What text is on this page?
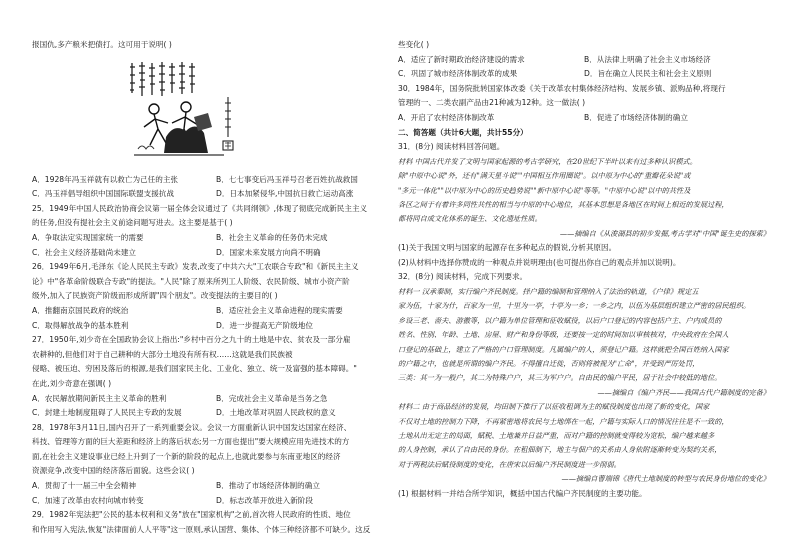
报国仇,多产粮米把债打。这可用于说明( )
A．1928年冯玉祥就有以救亡为己任的主张	B．七七事变后冯玉祥号召老百姓抗战救国
C．冯玉祥倡导组织中国国际联盟支援抗战	D．日本加紧侵华,中国抗日救亡运动高涨
25．1949年中国人民政治协商会议第一届全体会议通过了《共同纲领》,体现了彻底完成新民主主义
的任务,但没有提社会主义前途问题写进去。这主要是基于( )
A．争取法定实现国家统一的需要	B．社会主义革命的任务仍未完成
C．社会主义经济基础尚未建立	D．国家未来发展方向尚不明确
26．1949年6月,毛泽东《论人民民主专政》发表,改变了中共六大"工农联合专政"和《新民主主义
论》中"各革命阶级联合专政"的提法。"人民"除了原来所列工人阶级、农民阶级、城市小资产阶
级外,加入了民族资产阶级而形成所谓"四个朋友"。改变提法的主要目的( )
A．推翻南京国民政府的统治	B．适应社会主义革命进程的现实需要
C．取得解放战争的基本胜利	D．进一步提高无产阶级地位
27．1950年,刘少奇在全国政协会议上指出:"乡村中百分之九十的土地是中农、贫农及一部分雇
农耕种的,但他们对于自己耕种的大部分土地没有所有权……这就是我们民族被
侵略、被压迫、穷困及落后的根源,是我们国家民主化、工业化、独立、统一及富强的基本障碍。"
在此,刘少奇意在强调( )
A．农民解放期间新民主主义革命的胜利	B．完成社会主义革命是当务之急
C．封建土地制度阻碍了人民民主专政的发展	D．土地改革对巩固人民政权的意义
28．1978年3月11日,国内召开了一系列重要会议。会议一方面重新认识中国发达国家在经济、
科技、管理等方面的巨大差距和经济上的落后状态;另一方面也提出"要大规模应用先进技术的方
面,在社会主义建设事业已经上升到了一个新的阶段的起点上,也就此要参与东南亚地区的经济
资源竞争,改变中国的经济落后面貌。这些会议( )
A．贯彻了十一届三中全会精神	B．推动了市场经济体制的确立
C．加速了改革由农村向城市转变	D．标志改革开放进入新阶段
29．1982年宪法把"公民的基本权利和义务"放在"国家机构"之前,首次将人民政府的性质、地位
和作用写入宪法,恢复"法律面前人人平等"这一原则,承认国营、集体、个体三种经济都不可缺少。这反
些变化( )
A．适应了新时期政治经济建设的需求	B．从法律上明确了社会主义市场经济
C．巩固了城市经济体制改革的成果	D．旨在确立人民民主和社会主义原则
30．1984年，国务院批转国家体改委《关于改革农村集体经济结构、发展乡镇、派购品种,将现行
管理的一、二类农副产品由21种减为12种。这一做法( )
A．开启了农村经济体制改革	B．促进了市场经济体制的确立
二、简答题（共计6大题，共计55分）
31．(8分) 阅读材料回答问题。
材料 中国古代并发了文明与国家起源的考古学研究，在20世纪下半叶以来有过多种认识模式。
除"中原中心说"外，还有"满天星斗说""中国相互作用圈说"。以中原为中心的"重瓣花朵说"或
"多元一体化""以中原为中心的历史趋势说""新中原中心说"等等。"中原中心说"以中的共性及
各区之间于有着许多同性共性的相当与中原的中心地位，其基本思想是各地区在时间上相近的发展过程，
都将同自成文化体系的诞生、文化遗址性质。
——摘编自《从浚湖县的初步发掘,考古学对"中国"诞生史的探索》
(1)关于我国文明与国家的起源存在多种起点的假说,分析其原因。
(2)从材料中选择你赞成的一种观点并说明理由(也可提出你自己的观点并加以说明)。
32．(8分) 阅读材料，完成下列要求。
材料一 汉承秦制，实行编户齐民制度。择户籍的编制和管理纳入了法治的轨道，《户律》规定五
家为伍，十家为什，百家为一里，十里为一亭，十亭为一乡；一乡之内，以伍为基层组织建立严密的居民组织。
乡设三老、啬夫、游徼等，以户籍为单位管理和征收赋役，以后户口登记的内容包括户主、户内成员的
姓名、性别、年龄、土地、房屋、财产和身份等级，还要按一定的时间加以审核核对，中央政府在全国人
口登记的基础上，建立了严格的户口管理制度。凡属编户的人，须登记户籍。这样就把全国百姓纳入国家
的户籍之中，也就是所谓的编户齐民。不得擅自迁徙，否则将被视为"亡命"，并受到严厉处罚，
三类：其一为一般户，其二为特殊户户，其三为军户户。自由民的编户平民，居于社会中较低的地位。
——摘编自《编户齐民——我国古代户籍制度的完备》
材料二 由于商品经济的发展，均田制下推行了以征收租调为主的赋役制度也出现了新的变化，国家
不仅对土地的控制力下降，不再紧密地将农民与土地绑在一起，户籍与实际人口的情况往往是不一致的，
土地从出无定主的局面，赋税、土地兼并日益严重，而对户籍的控制就变得较为宽松，编户越来越多
的人身控制，承认了自由民的身份。在租佃制下，地主与佃户的关系由人身依附逐渐转变为契约关系，
对于两税法后赋役制度的变化，在唐宋以后编户齐民制度进一步削弱。
——摘编自曹端锦《唐代土地制度的转型与农民身份地位的变化》
(1) 根据材料一并结合所学知识，概括中国古代编户齐民制度的主要功能。
